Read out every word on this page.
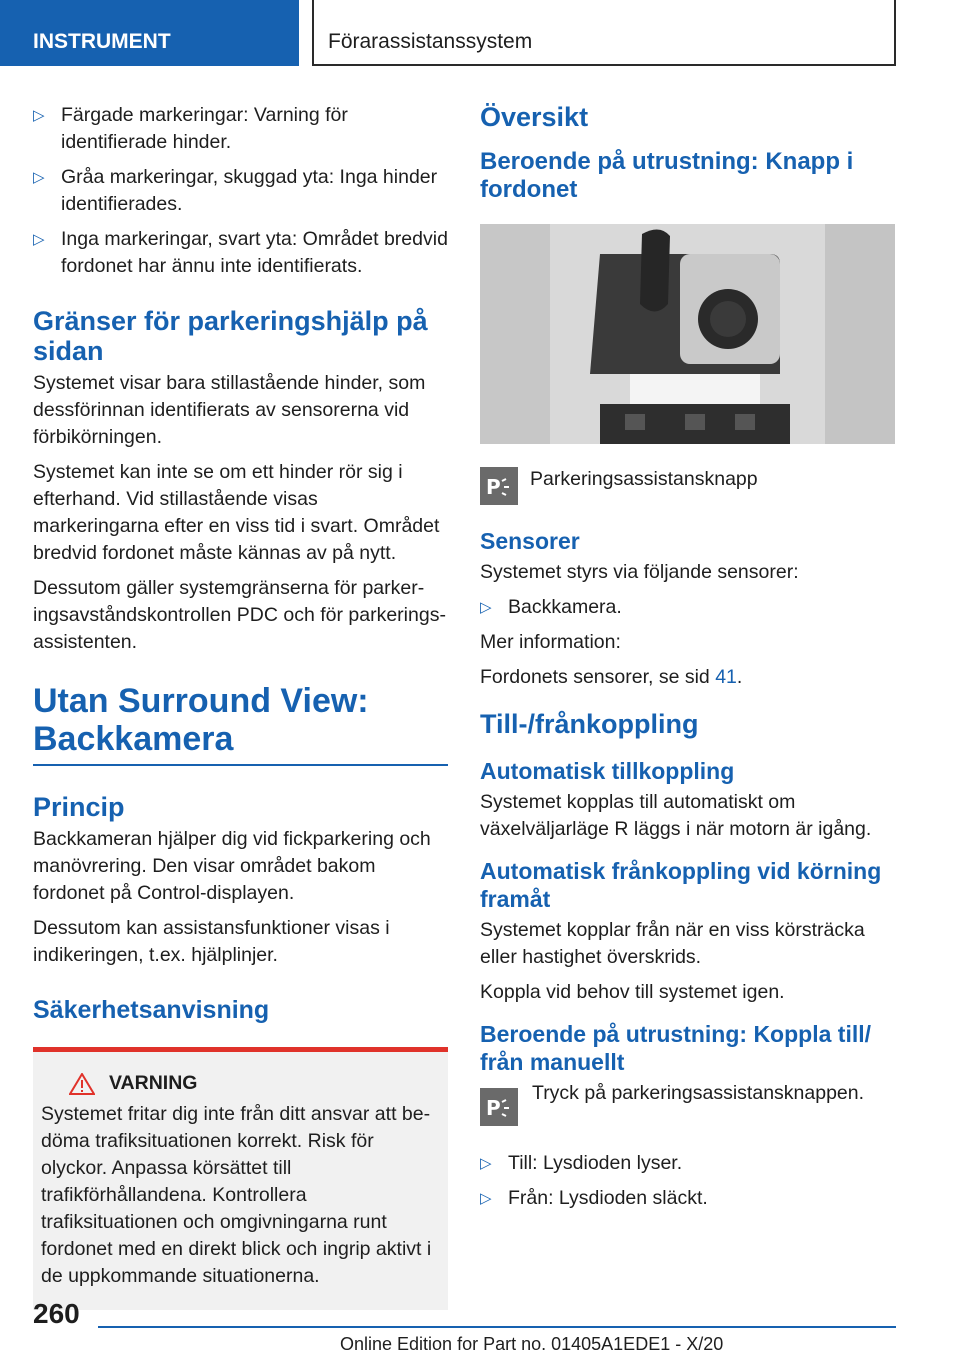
INSTRUMENT	Förarassistanssystem
▷ Färgade markeringar: Varning för identifierade hinder.
▷ Gråa markeringar, skuggad yta: Inga hinder identifierades.
▷ Inga markeringar, svart yta: Området bredvid fordonet har ännu inte identifierats.
Gränser för parkeringshjälp på sidan

Systemet visar bara stillastående hinder, som dessförinnan identifierats av sensorerna vid förbikörningen.

Systemet kan inte se om ett hinder rör sig i efterhand. Vid stillastående visas markeringarna efter en viss tid i svart. Området bredvid fordonet måste kännas av på nytt.

Dessutom gäller systemgränserna för parkeringsavståndskontrollen PDC och för parkeringsassistenten.

Utan Surround View: Backkamera
Princip

Backkameran hjälper dig vid fickparkering och manövrering. Den visar området bakom fordonet på Control-displayen.

Dessutom kan assistansfunktioner visas i indikeringen, t.ex. hjälplinjer.

Säkerhetsanvisning
VARNING

Systemet fritar dig inte från ditt ansvar att bedöma trafiksituationen korrekt. Risk för olyckor. Anpassa körsättet till trafikförhållandena. Kontrollera trafiksituationen och omgivningarna runt fordonet med en direkt blick och ingrip aktivt i de uppkommande situationerna.

Översikt
Beroende på utrustning: Knapp i fordonet
P Parkeringsassistansknapp
Sensorer

Systemet styrs via följande sensorer:

▷ Backkamera.

Mer information:

Fordonets sensorer, se sid 41.

Till-/frånkoppling
Automatisk tillkoppling

Systemet kopplas till automatiskt om växelväljarläge R läggs i när motorn är igång.

Automatisk frånkoppling vid körning framåt

Systemet kopplar från när en viss körsträcka eller hastighet överskrids.

Koppla vid behov till systemet igen.

Beroende på utrustning: Koppla till/ från manuellt
P
Tryck på parkeringsassistansknappen.
▷ Till: Lysdioden lyser.
▷ Från: Lysdioden släckt.
260
Online Edition for Part no. 01405A1EDE1 - X/20
